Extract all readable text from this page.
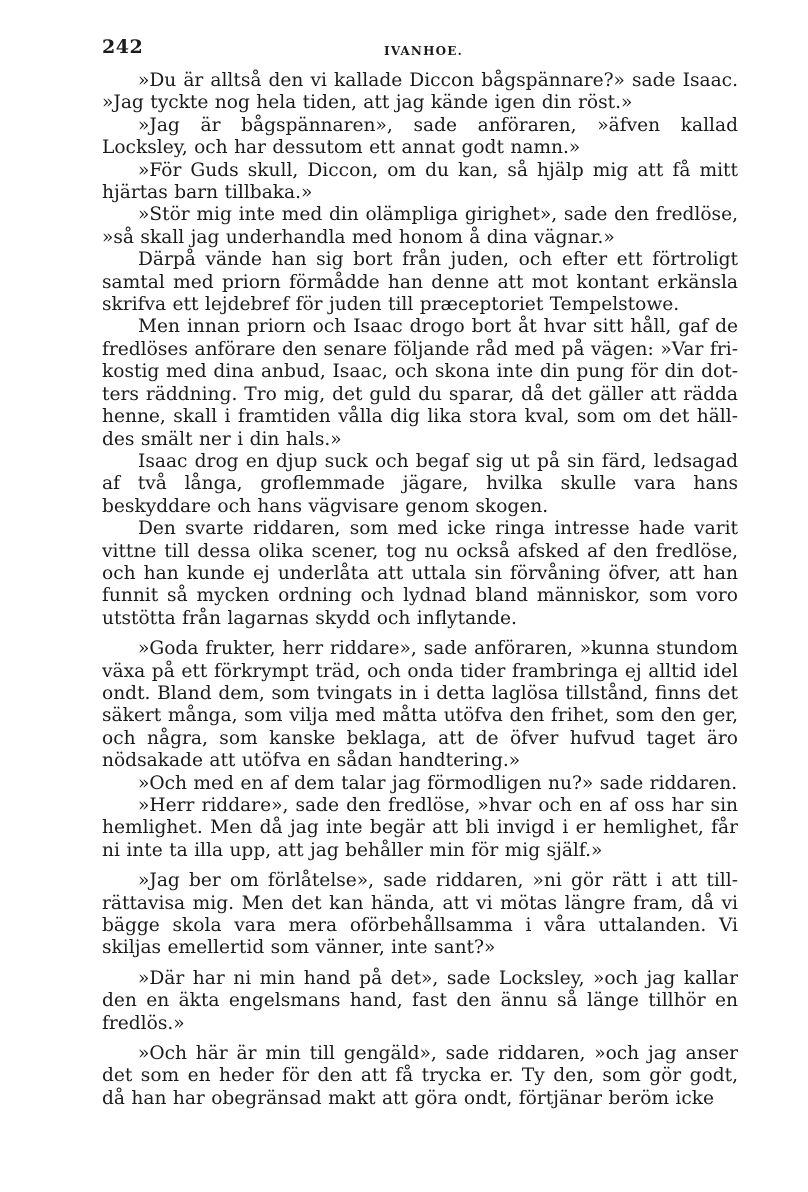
242	IVANHOE.

»Du är alltså den vi kallade Diccon bågspännare?» sade Isaac. »Jag tyckte nog hela tiden, att jag kände igen din röst.»

»Jag är bågspännaren», sade anföraren, »äfven kallad Locksley, och har dessutom ett annat godt namn.»

»För Guds skull, Diccon, om du kan, så hjälp mig att få mitt hjärtas barn tillbaka.»

»Stör mig inte med din olämpliga girighet», sade den fredlöse, »så skall jag underhandla med honom å dina vägnar.»

Därpå vände han sig bort från juden, och efter ett förtroligt samtal med priorn förmådde han denne att mot kontant erkänsla skrifva ett lejdebref för juden till præceptoriet Tempelstowe.

Men innan priorn och Isaac drogo bort åt hvar sitt håll, gaf de fredlöses anförare den senare följande råd med på vägen: »Var frikostig med dina anbud, Isaac, och skona inte din pung för din dotters räddning. Tro mig, det guld du sparar, då det gäller att rädda henne, skall i framtiden vålla dig lika stora kval, som om det hälldes smält ner i din hals.»

Isaac drog en djup suck och begaf sig ut på sin färd, ledsagad af två långa, groflemmade jägare, hvilka skulle vara hans beskyddare och hans vägvisare genom skogen.

Den svarte riddaren, som med icke ringa intresse hade varit vittne till dessa olika scener, tog nu också afsked af den fredlöse, och han kunde ej underlåta att uttala sin förvåning öfver, att han funnit så mycken ordning och lydnad bland människor, som voro utstötta från lagarnas skydd och inflytande.

»Goda frukter, herr riddare», sade anföraren, »kunna stundom växa på ett förkrympt träd, och onda tider frambringa ej alltid idel ondt. Bland dem, som tvingats in i detta laglösa tillstånd, finns det säkert många, som vilja med måtta utöfva den frihet, som den ger, och några, som kanske beklaga, att de öfver hufvud taget äro nödsakade att utöfva en sådan handtering.»

»Och med en af dem talar jag förmodligen nu?» sade riddaren.

»Herr riddare», sade den fredlöse, »hvar och en af oss har sin hemlighet. Men då jag inte begär att bli invigd i er hemlighet, får ni inte ta illa upp, att jag behåller min för mig själf.»

»Jag ber om förlåtelse», sade riddaren, »ni gör rätt i att tillrättavisa mig. Men det kan hända, att vi mötas längre fram, då vi bägge skola vara mera oförbehållsamma i våra uttalanden. Vi skiljas emellertid som vänner, inte sant?»

»Där har ni min hand på det», sade Locksley, »och jag kallar den en äkta engelsmans hand, fast den ännu så länge tillhör en fredlös.»

»Och här är min till gengäld», sade riddaren, »och jag anser det som en heder för den att få trycka er. Ty den, som gör godt, då han har obegränsad makt att göra ondt, förtjänar beröm icke
